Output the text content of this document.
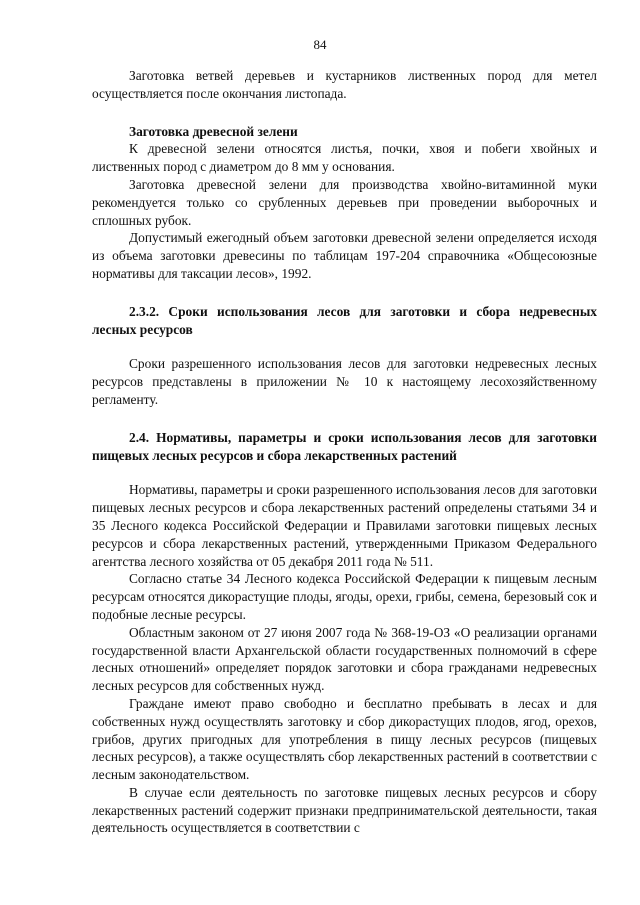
84

Заготовка ветвей деревьев и кустарников лиственных пород для метел осуществляется после окончания листопада.

Заготовка древесной зелени

К древесной зелени относятся листья, почки, хвоя и побеги хвойных и лиственных пород с диаметром до 8 мм у основания.

Заготовка древесной зелени для производства хвойно-витаминной муки рекомендуется только со срубленных деревьев при проведении выборочных и сплошных рубок.

Допустимый ежегодный объем заготовки древесной зелени определяется исходя из объема заготовки древесины по таблицам 197-204 справочника «Общесоюзные нормативы для таксации лесов», 1992.

2.3.2. Сроки использования лесов для заготовки и сбора недревесных лесных ресурсов

Сроки разрешенного использования лесов для заготовки недревесных лесных ресурсов представлены в приложении № 10 к настоящему лесохозяйственному регламенту.

2.4. Нормативы, параметры и сроки использования лесов для заготовки пищевых лесных ресурсов и сбора лекарственных растений

Нормативы, параметры и сроки разрешенного использования лесов для заготовки пищевых лесных ресурсов и сбора лекарственных растений определены статьями 34 и 35 Лесного кодекса Российской Федерации и Правилами заготовки пищевых лесных ресурсов и сбора лекарственных растений, утвержденными Приказом Федерального агентства лесного хозяйства от 05 декабря 2011 года № 511.

Согласно статье 34 Лесного кодекса Российской Федерации к пищевым лесным ресурсам относятся дикорастущие плоды, ягоды, орехи, грибы, семена, березовый сок и подобные лесные ресурсы.

Областным законом от 27 июня 2007 года № 368-19-ОЗ «О реализации органами государственной власти Архангельской области государственных полномочий в сфере лесных отношений» определяет порядок заготовки и сбора гражданами недревесных лесных ресурсов для собственных нужд.

Граждане имеют право свободно и бесплатно пребывать в лесах и для собственных нужд осуществлять заготовку и сбор дикорастущих плодов, ягод, орехов, грибов, других пригодных для употребления в пищу лесных ресурсов (пищевых лесных ресурсов), а также осуществлять сбор лекарственных растений в соответствии с лесным законодательством.

В случае если деятельность по заготовке пищевых лесных ресурсов и сбору лекарственных растений содержит признаки предпринимательской деятельности, такая деятельность осуществляется в соответствии с
